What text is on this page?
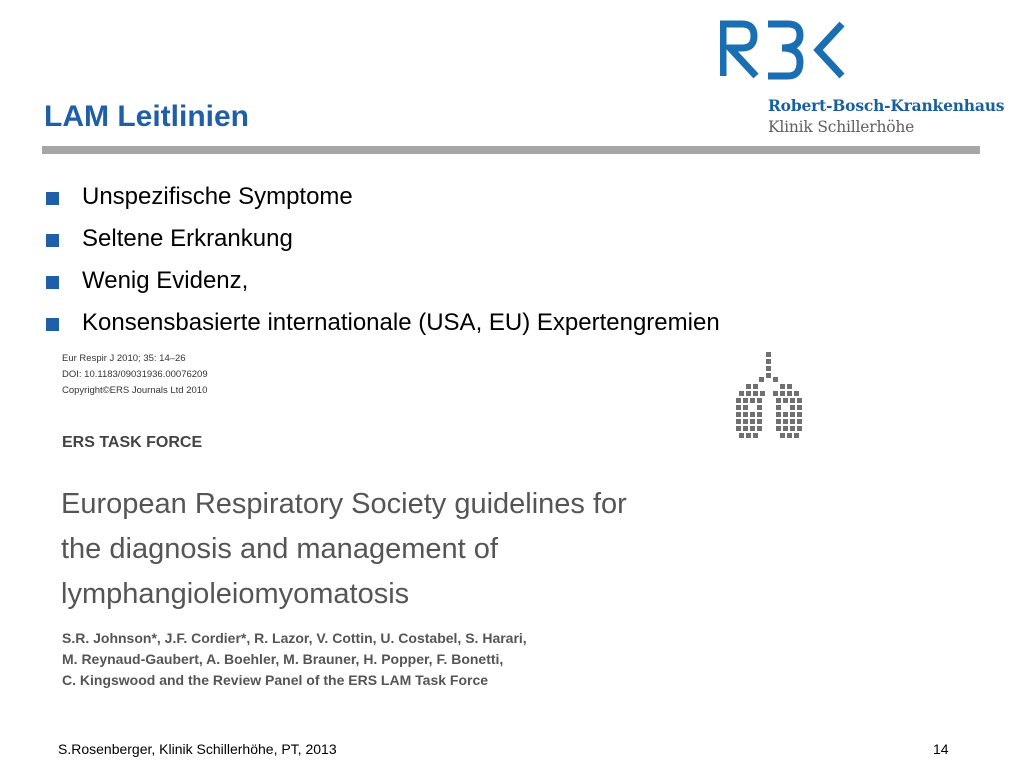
LAM Leitlinien	Robert-Bosch-Krankenhaus
Klinik Schillerhöhe
Unspezifische Symptome
Seltene Erkrankung
Wenig Evidenz,
Konsensbasierte internationale (USA, EU) Expertengremien
Eur Respir J 2010; 35: 14–26
DOI: 10.1183/09031936.00076209
Copyright©ERS Journals Ltd 2010
ERS TASK FORCE
European Respiratory Society guidelines for
the diagnosis and management of
lymphangioleiomyomatosis
S.R. Johnson*, J.F. Cordier*, R. Lazor, V. Cottin, U. Costabel, S. Harari,
M. Reynaud-Gaubert, A. Boehler, M. Brauner, H. Popper, F. Bonetti,
C. Kingswood and the Review Panel of the ERS LAM Task Force
S.Rosenberger, Klinik Schillerhöhe, PT, 2013	14
